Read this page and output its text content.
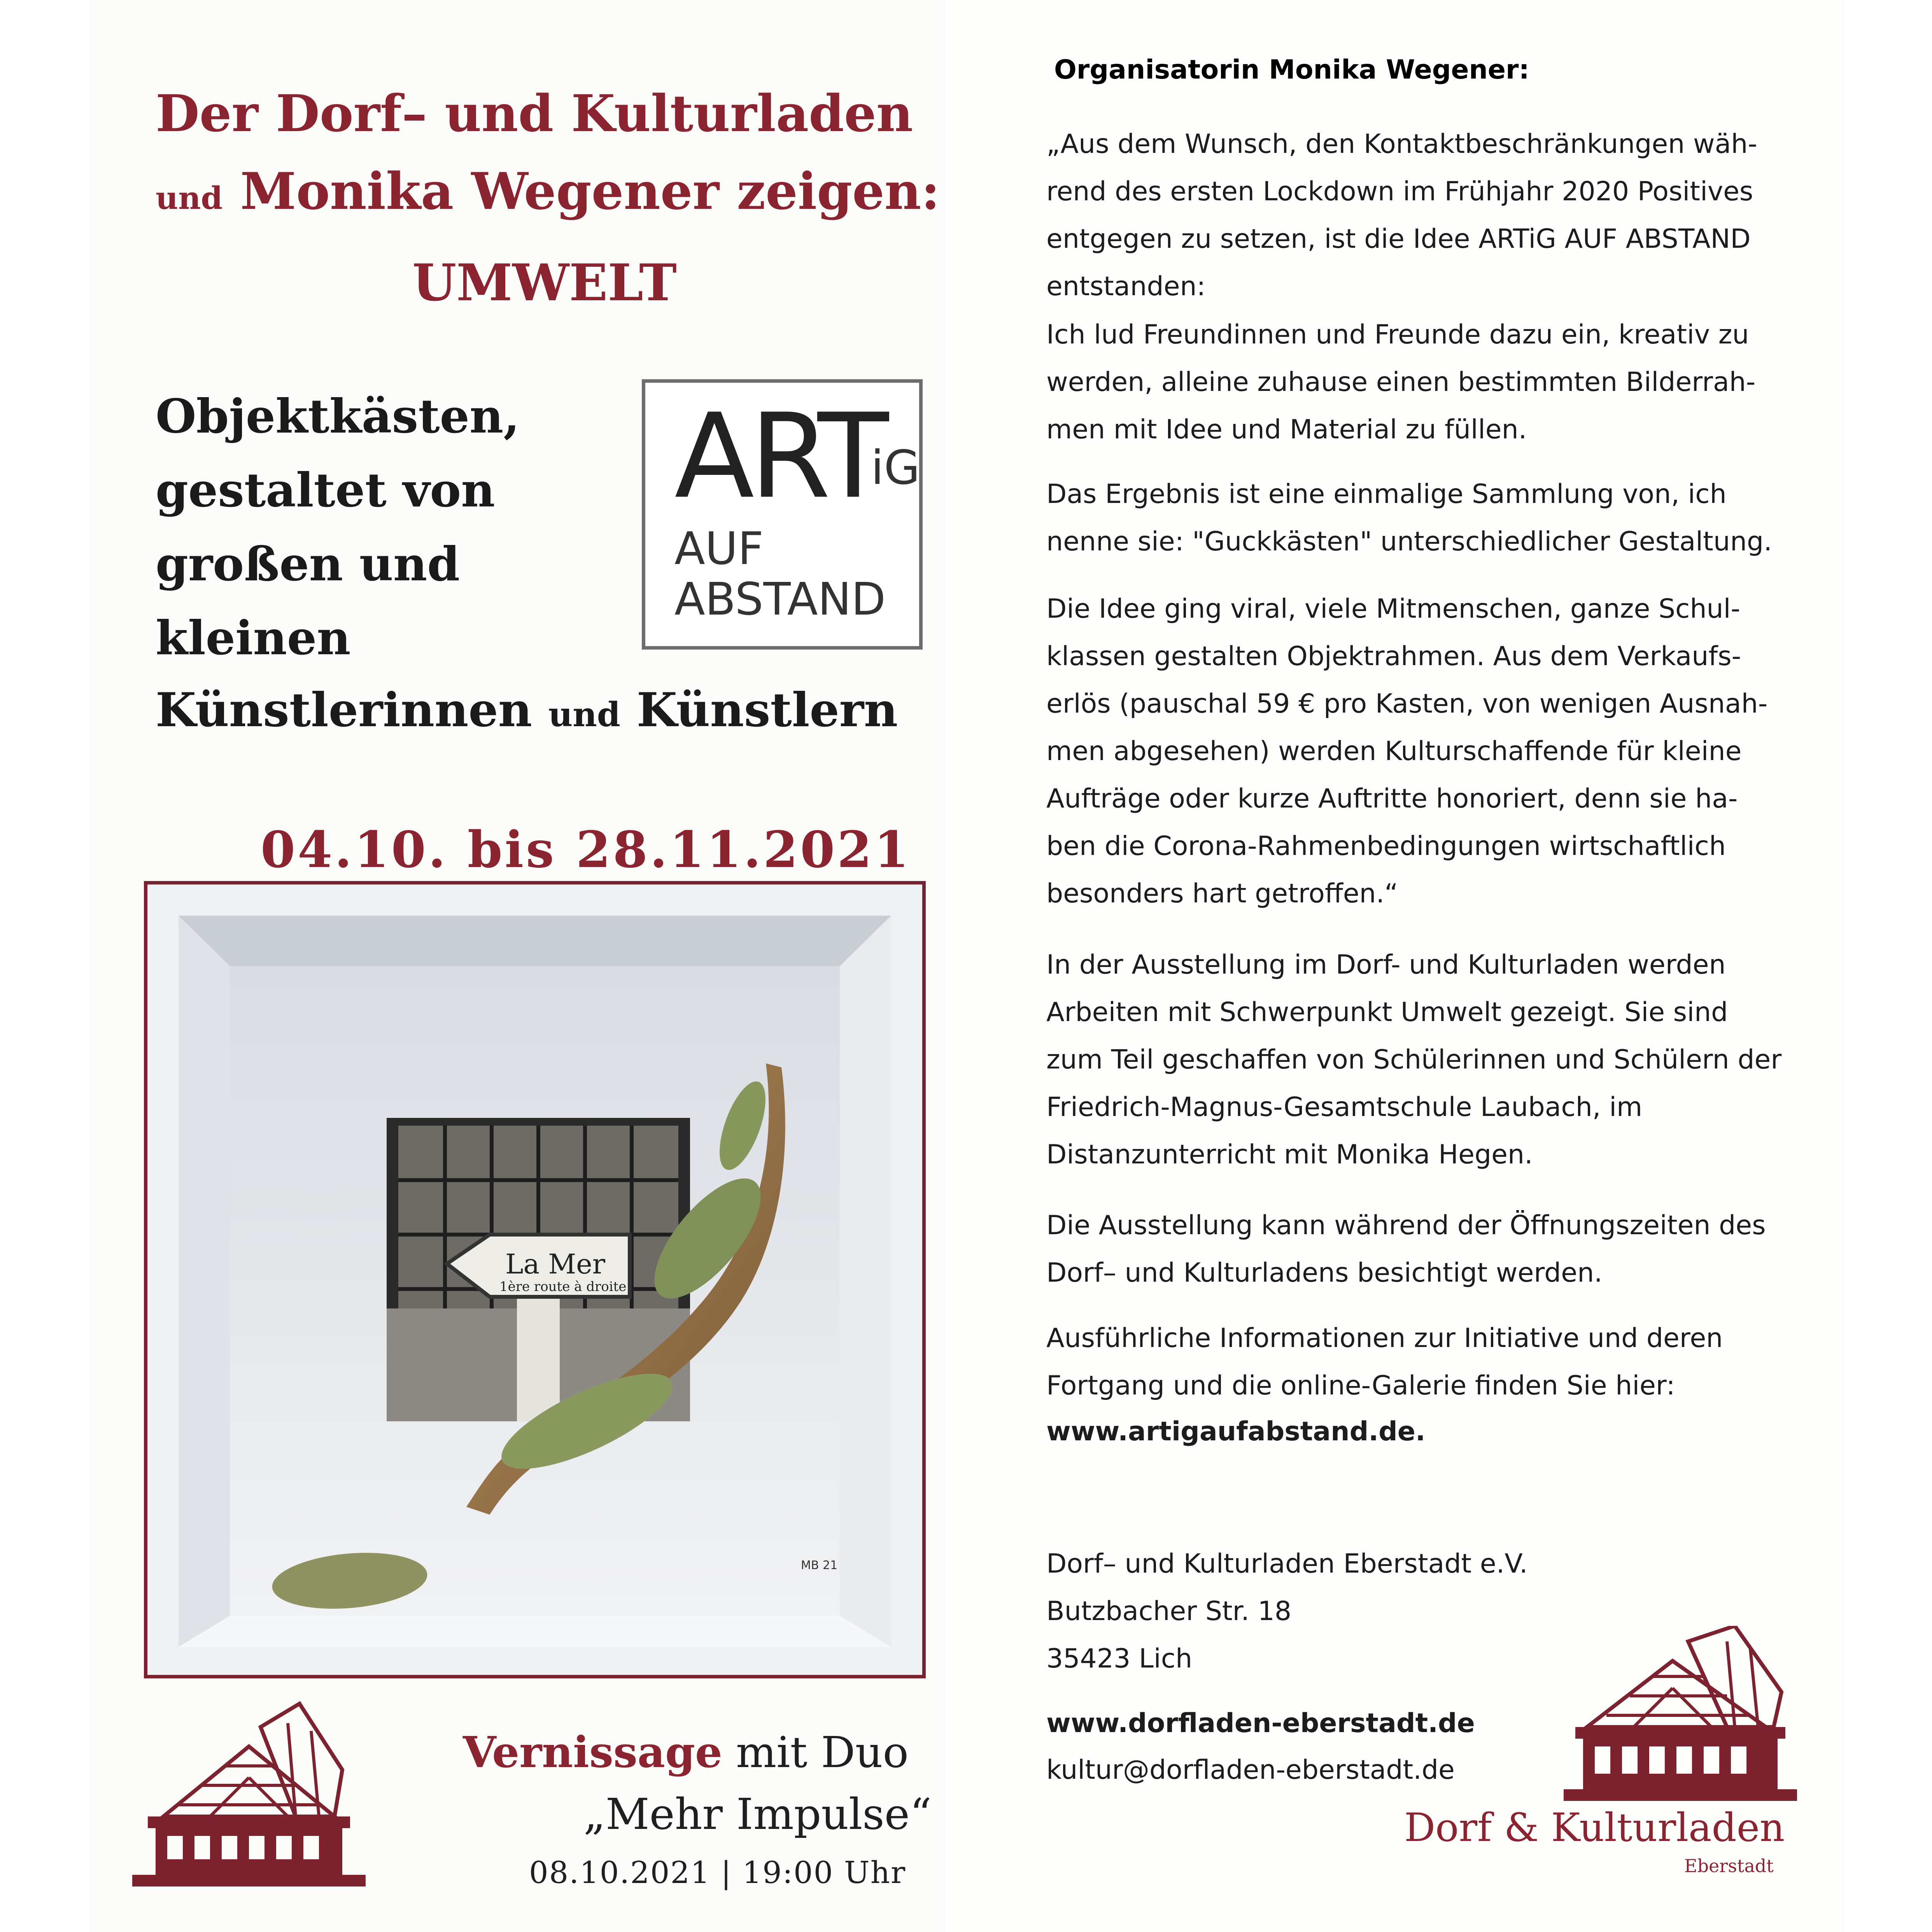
Der Dorf– und Kulturladen
und Monika Wegener zeigen:
UMWELT
Objektkästen,
gestaltet von
großen und
kleinen
Künstlerinnen und Künstlern
ART
iG
AUF
ABSTAND
04.10. bis 28.11.2021
La Mer
1ère route à droite
MB 21
Vernissage mit Duo
„Mehr Impulse“
08.10.2021 | 19:00 Uhr
Organisatorin Monika Wegener:

„Aus dem Wunsch, den Kontaktbeschränkungen wäh-rend des ersten Lockdown im Frühjahr 2020 Positives entgegen zu setzen, ist die Idee ARTiG AUF ABSTAND entstanden:

Ich lud Freundinnen und Freunde dazu ein, kreativ zu werden, alleine zuhause einen bestimmten Bilderrah-men mit Idee und Material zu füllen.

Das Ergebnis ist eine einmalige Sammlung von, ich nenne sie: "Guckkästen" unterschiedlicher Gestaltung.

Die Idee ging viral, viele Mitmenschen, ganze Schul-klassen gestalten Objektrahmen. Aus dem Verkaufs-erlös (pauschal 59 € pro Kasten, von wenigen Ausnah-men abgesehen) werden Kulturschaffende für kleine Aufträge oder kurze Auftritte honoriert, denn sie ha-ben die Corona-Rahmenbedingungen wirtschaftlich besonders hart getroffen.“

In der Ausstellung im Dorf- und Kulturladen werden Arbeiten mit Schwerpunkt Umwelt gezeigt. Sie sind zum Teil geschaffen von Schülerinnen und Schülern der Friedrich-Magnus-Gesamtschule Laubach, im Distanzunterricht mit Monika Hegen.

Die Ausstellung kann während der Öffnungszeiten des Dorf– und Kulturladens besichtigt werden.

Ausführliche Informationen zur Initiative und deren Fortgang und die online-Galerie finden Sie hier:

www.artigaufabstand.de.

Dorf– und Kulturladen Eberstadt e.V.

Butzbacher Str. 18

35423 Lich

www.dorfladen-eberstadt.de
kultur@dorfladen-eberstadt.de
Dorf & Kulturladen
Eberstadt
